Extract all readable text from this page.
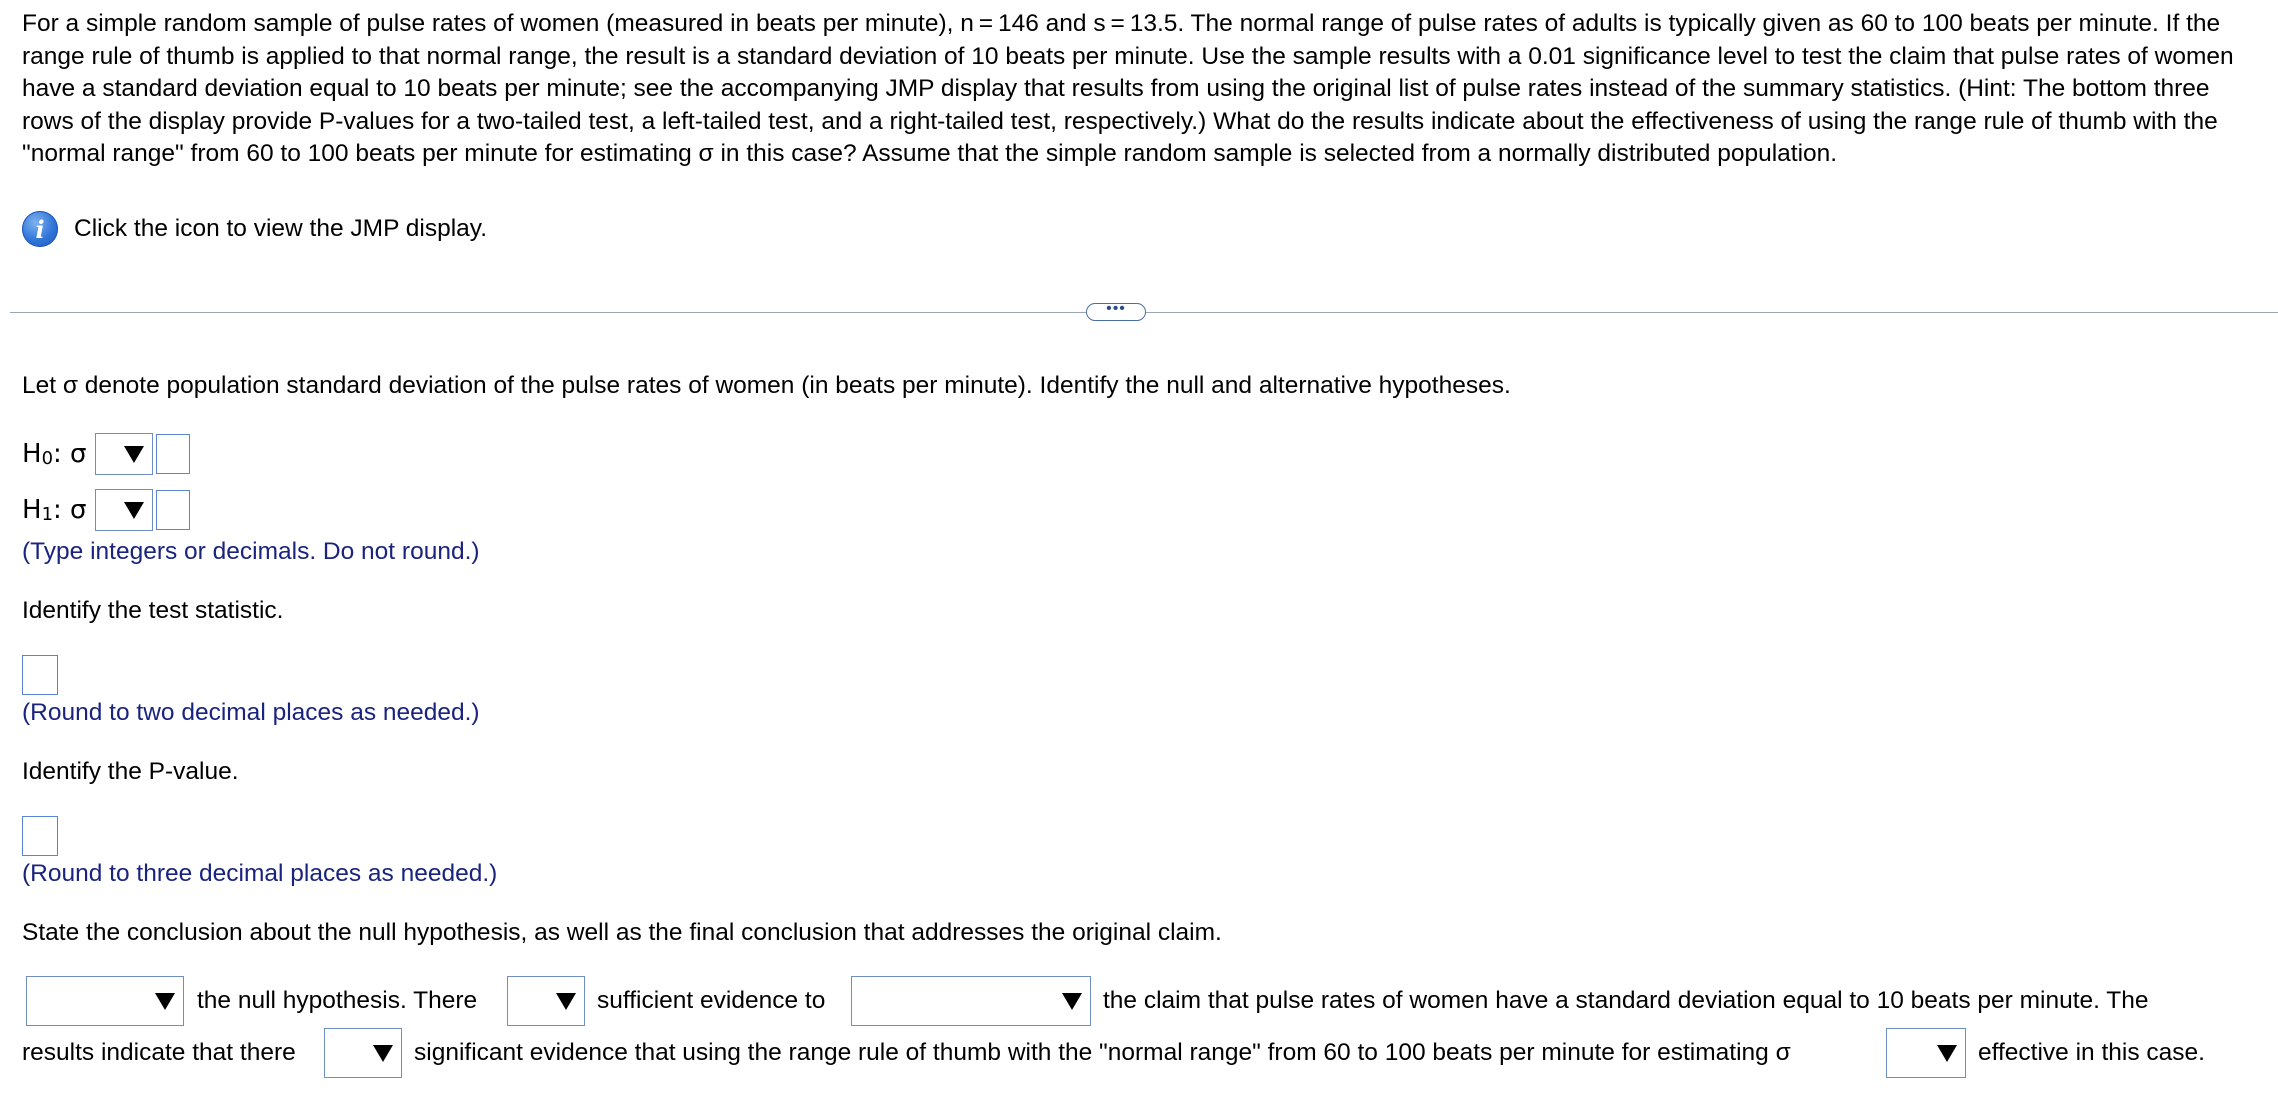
For a simple random sample of pulse rates of women (measured in beats per minute), n = 146 and s = 13.5. The normal range of pulse rates of adults is typically given as 60 to 100 beats per minute. If the range rule of thumb is applied to that normal range, the result is a standard deviation of 10 beats per minute. Use the sample results with a 0.01 significance level to test the claim that pulse rates of women have a standard deviation equal to 10 beats per minute; see the accompanying JMP display that results from using the original list of pulse rates instead of the summary statistics. (Hint: The bottom three rows of the display provide P-values for a two-tailed test, a left-tailed test, and a right-tailed test, respectively.) What do the results indicate about the effectiveness of using the range rule of thumb with the "normal range" from 60 to 100 beats per minute for estimating σ in this case? Assume that the simple random sample is selected from a normally distributed population.
i	Click the icon to view the JMP display.
•••
Let σ denote population standard deviation of the pulse rates of women (in beats per minute). Identify the null and alternative hypotheses.
$H_0$ : σ
$H_1$ : σ
(Type integers or decimals. Do not round.)
Identify the test statistic.
(Round to two decimal places as needed.)
Identify the P-value.
(Round to three decimal places as needed.)
State the conclusion about the null hypothesis, as well as the final conclusion that addresses the original claim.
the null hypothesis. There	sufficient evidence to	the claim that pulse rates of women have a standard deviation equal to 10 beats per minute. The
results indicate that there	significant evidence that using the range rule of thumb with the "normal range" from 60 to 100 beats per minute for estimating σ	effective in this case.
